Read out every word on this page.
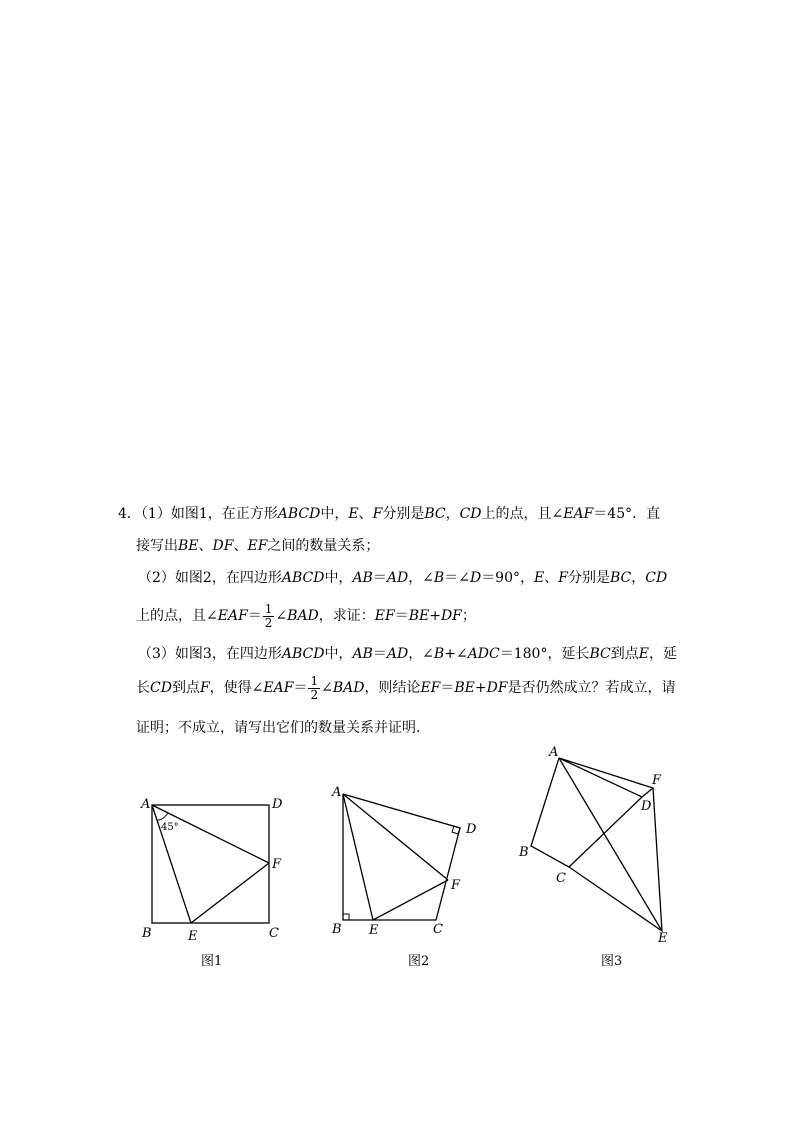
4．（1）如图1，在正方形ABCD中，E、F分别是BC，CD上的点，且∠EAF＝45°．直
接写出BE、DF、EF之间的数量关系；
（2）如图2，在四边形ABCD中，AB＝AD，∠B＝∠D＝90°，E、F分别是BC，CD
上的点，且∠EAF＝ $\frac{1}{2}$ ∠BAD，求证：EF＝BE+DF；
（3）如图3，在四边形ABCD中，AB＝AD，∠B+∠ADC＝180°，延长BC到点E，延
长CD到点F，使得∠EAF＝ $\frac{1}{2}$ ∠BAD，则结论EF＝BE+DF是否仍然成立？若成立，请
证明；不成立，请写出它们的数量关系并证明．
A	D
F
B	E	C
45°
图1
A
D
F
B E	C
图2
A
F
D
B
C
E
图3
